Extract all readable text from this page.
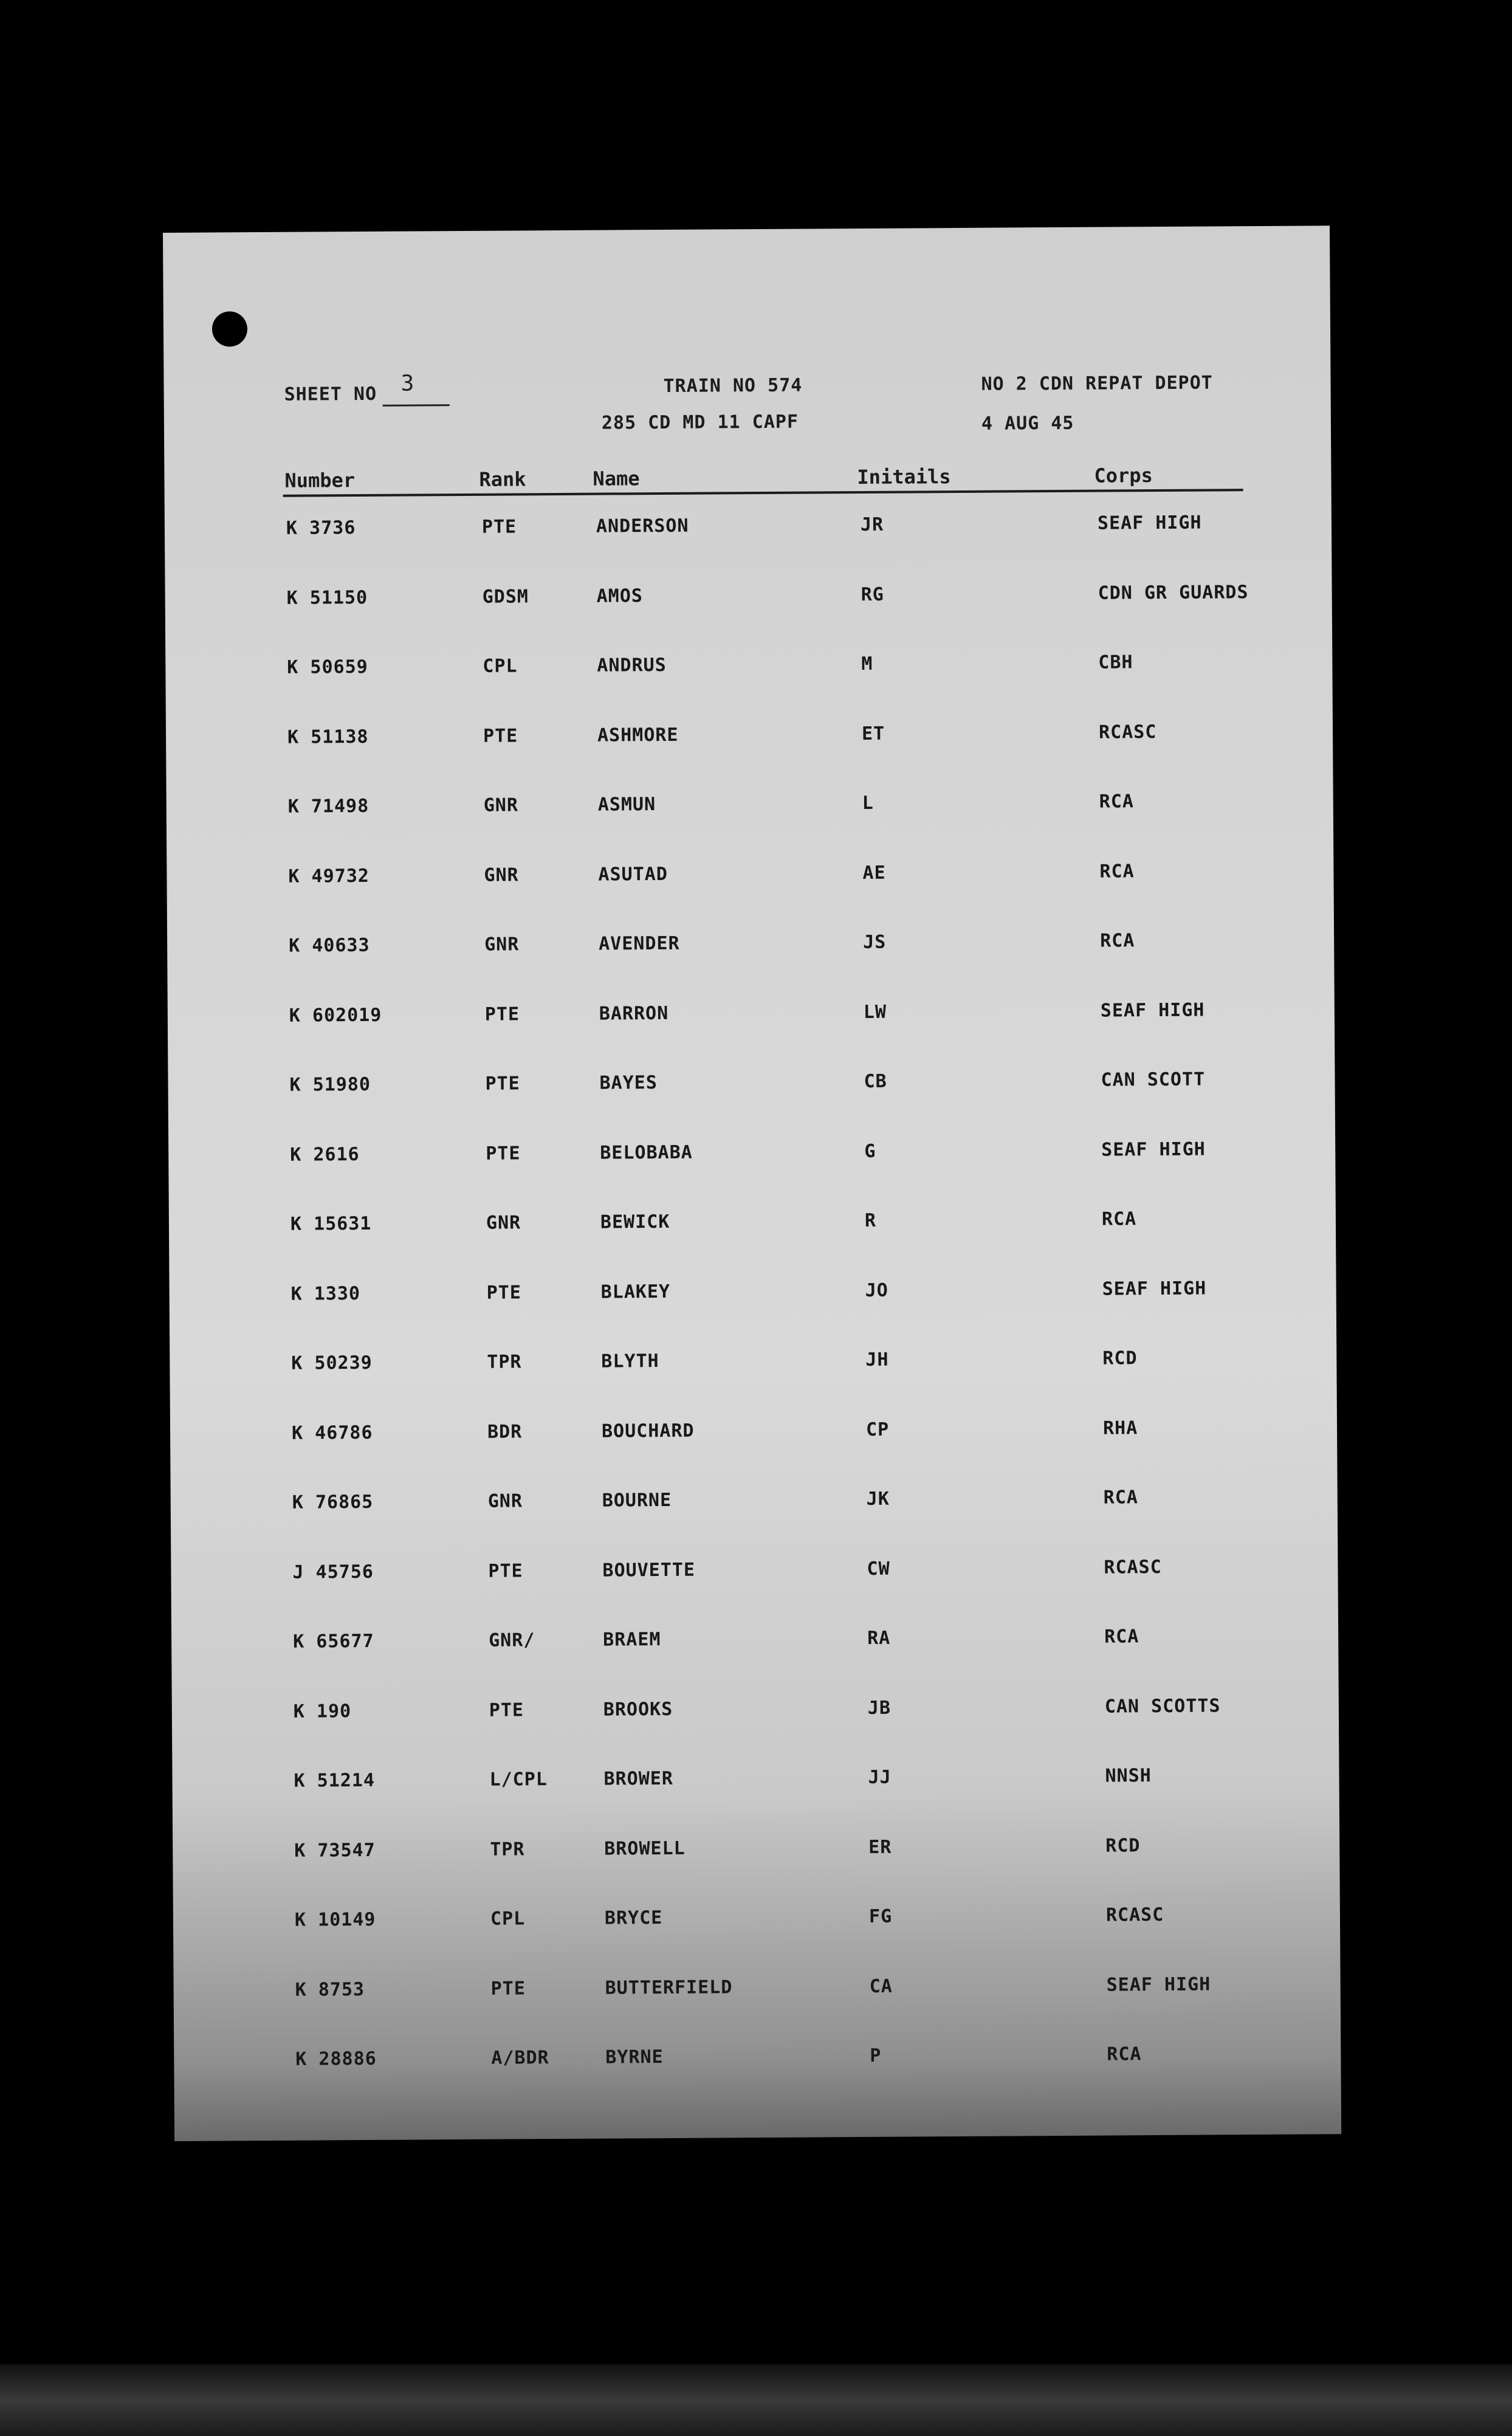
SHEET NO 3	TRAIN NO 574
285 CD MD 11 CAPF
NO 2 CDN REPAT DEPOT
4 AUG 45
Number	Rank	Name	Initails	Corps
K 3736	PTE	ANDERSON	JR	SEAF HIGH
K 51150	GDSM	AMOS	RG	CDN GR GUARDS
K 50659	CPL	ANDRUS	M	CBH
K 51138	PTE	ASHMORE	ET	RCASC
K 71498	GNR	ASMUN	L	RCA
K 49732	GNR	ASUTAD	AE	RCA
K 40633	GNR	AVENDER	JS	RCA
K 602019	PTE	BARRON	LW	SEAF HIGH
K 51980	PTE	BAYES	CB	CAN SCOTT
K 2616	PTE	BELOBABA	G	SEAF HIGH
K 15631	GNR	BEWICK	R	RCA
K 1330	PTE	BLAKEY	JO	SEAF HIGH
K 50239	TPR	BLYTH	JH	RCD
K 46786	BDR	BOUCHARD	CP	RHA
K 76865	GNR	BOURNE	JK	RCA
J 45756	PTE	BOUVETTE	CW	RCASC
K 65677	GNR/	BRAEM	RA	RCA
K 190	PTE	BROOKS	JB	CAN SCOTTS
K 51214	L/CPL	BROWER	JJ	NNSH
K 73547	TPR	BROWELL	ER	RCD
K 10149	CPL	BRYCE	FG	RCASC
K 8753	PTE	BUTTERFIELD	CA	SEAF HIGH
K 28886	A/BDR	BYRNE	P	RCA
